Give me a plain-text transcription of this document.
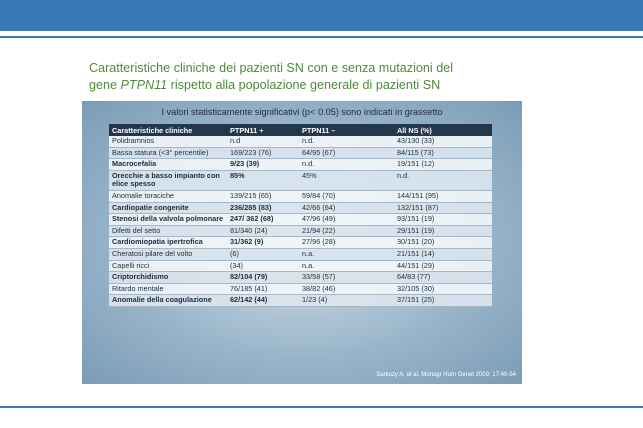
Caratteristiche cliniche dei pazienti SN con e senza mutazioni del
gene PTPN11 rispetto alla popolazione generale di pazienti SN
I valori statisticamente significativi (p< 0.05) sono indicati in grassetto
Caratteristiche cliniche	PTPN11 +	PTPN11 –	All NS (%)
Polidramnios	n.d	n.d.	43/130 (33)
Bassa statura (<3° percentile)	169/223 (76)	64/95 (67)	84/115 (73)
Macrocefalia	9/23 (39)	n.d.	19/151 (12)
Orecchie a basso impianto con elice spesso	85%	45%	n.d.
Anomalie toraciche	139/215 (65)	59/84 (70)	144/151 (95)
Cardiopatie congenite	236/285 (83)	42/66 (64)	132/151 (87)
Stenosi della valvola polmonare	247/ 362 (68)	47/96 (49)	93/151 (19)
Difetti del setto	81/340 (24)	21/94 (22)	29/151 (19)
Cardiomiopatia ipertrofica	31/362 (9)	27/96 (28)	30/151 (20)
Cheratosi pilare del volto	(6)	n.a.	21/151 (14)
Capelli ricci	(34)	n.a.	44/151 (29)
Criptorchidismo	82/104 (79)	33/58 (57)	64/83 (77)
Ritardo mentale	76/185 (41)	38/82 (46)	32/105 (30)
Anomalie della coagulazione	62/142 (44)	1/23 (4)	37/151 (25)
Sarkozy A, et al. Monogr Hum Genet 2009; 17:40-54
